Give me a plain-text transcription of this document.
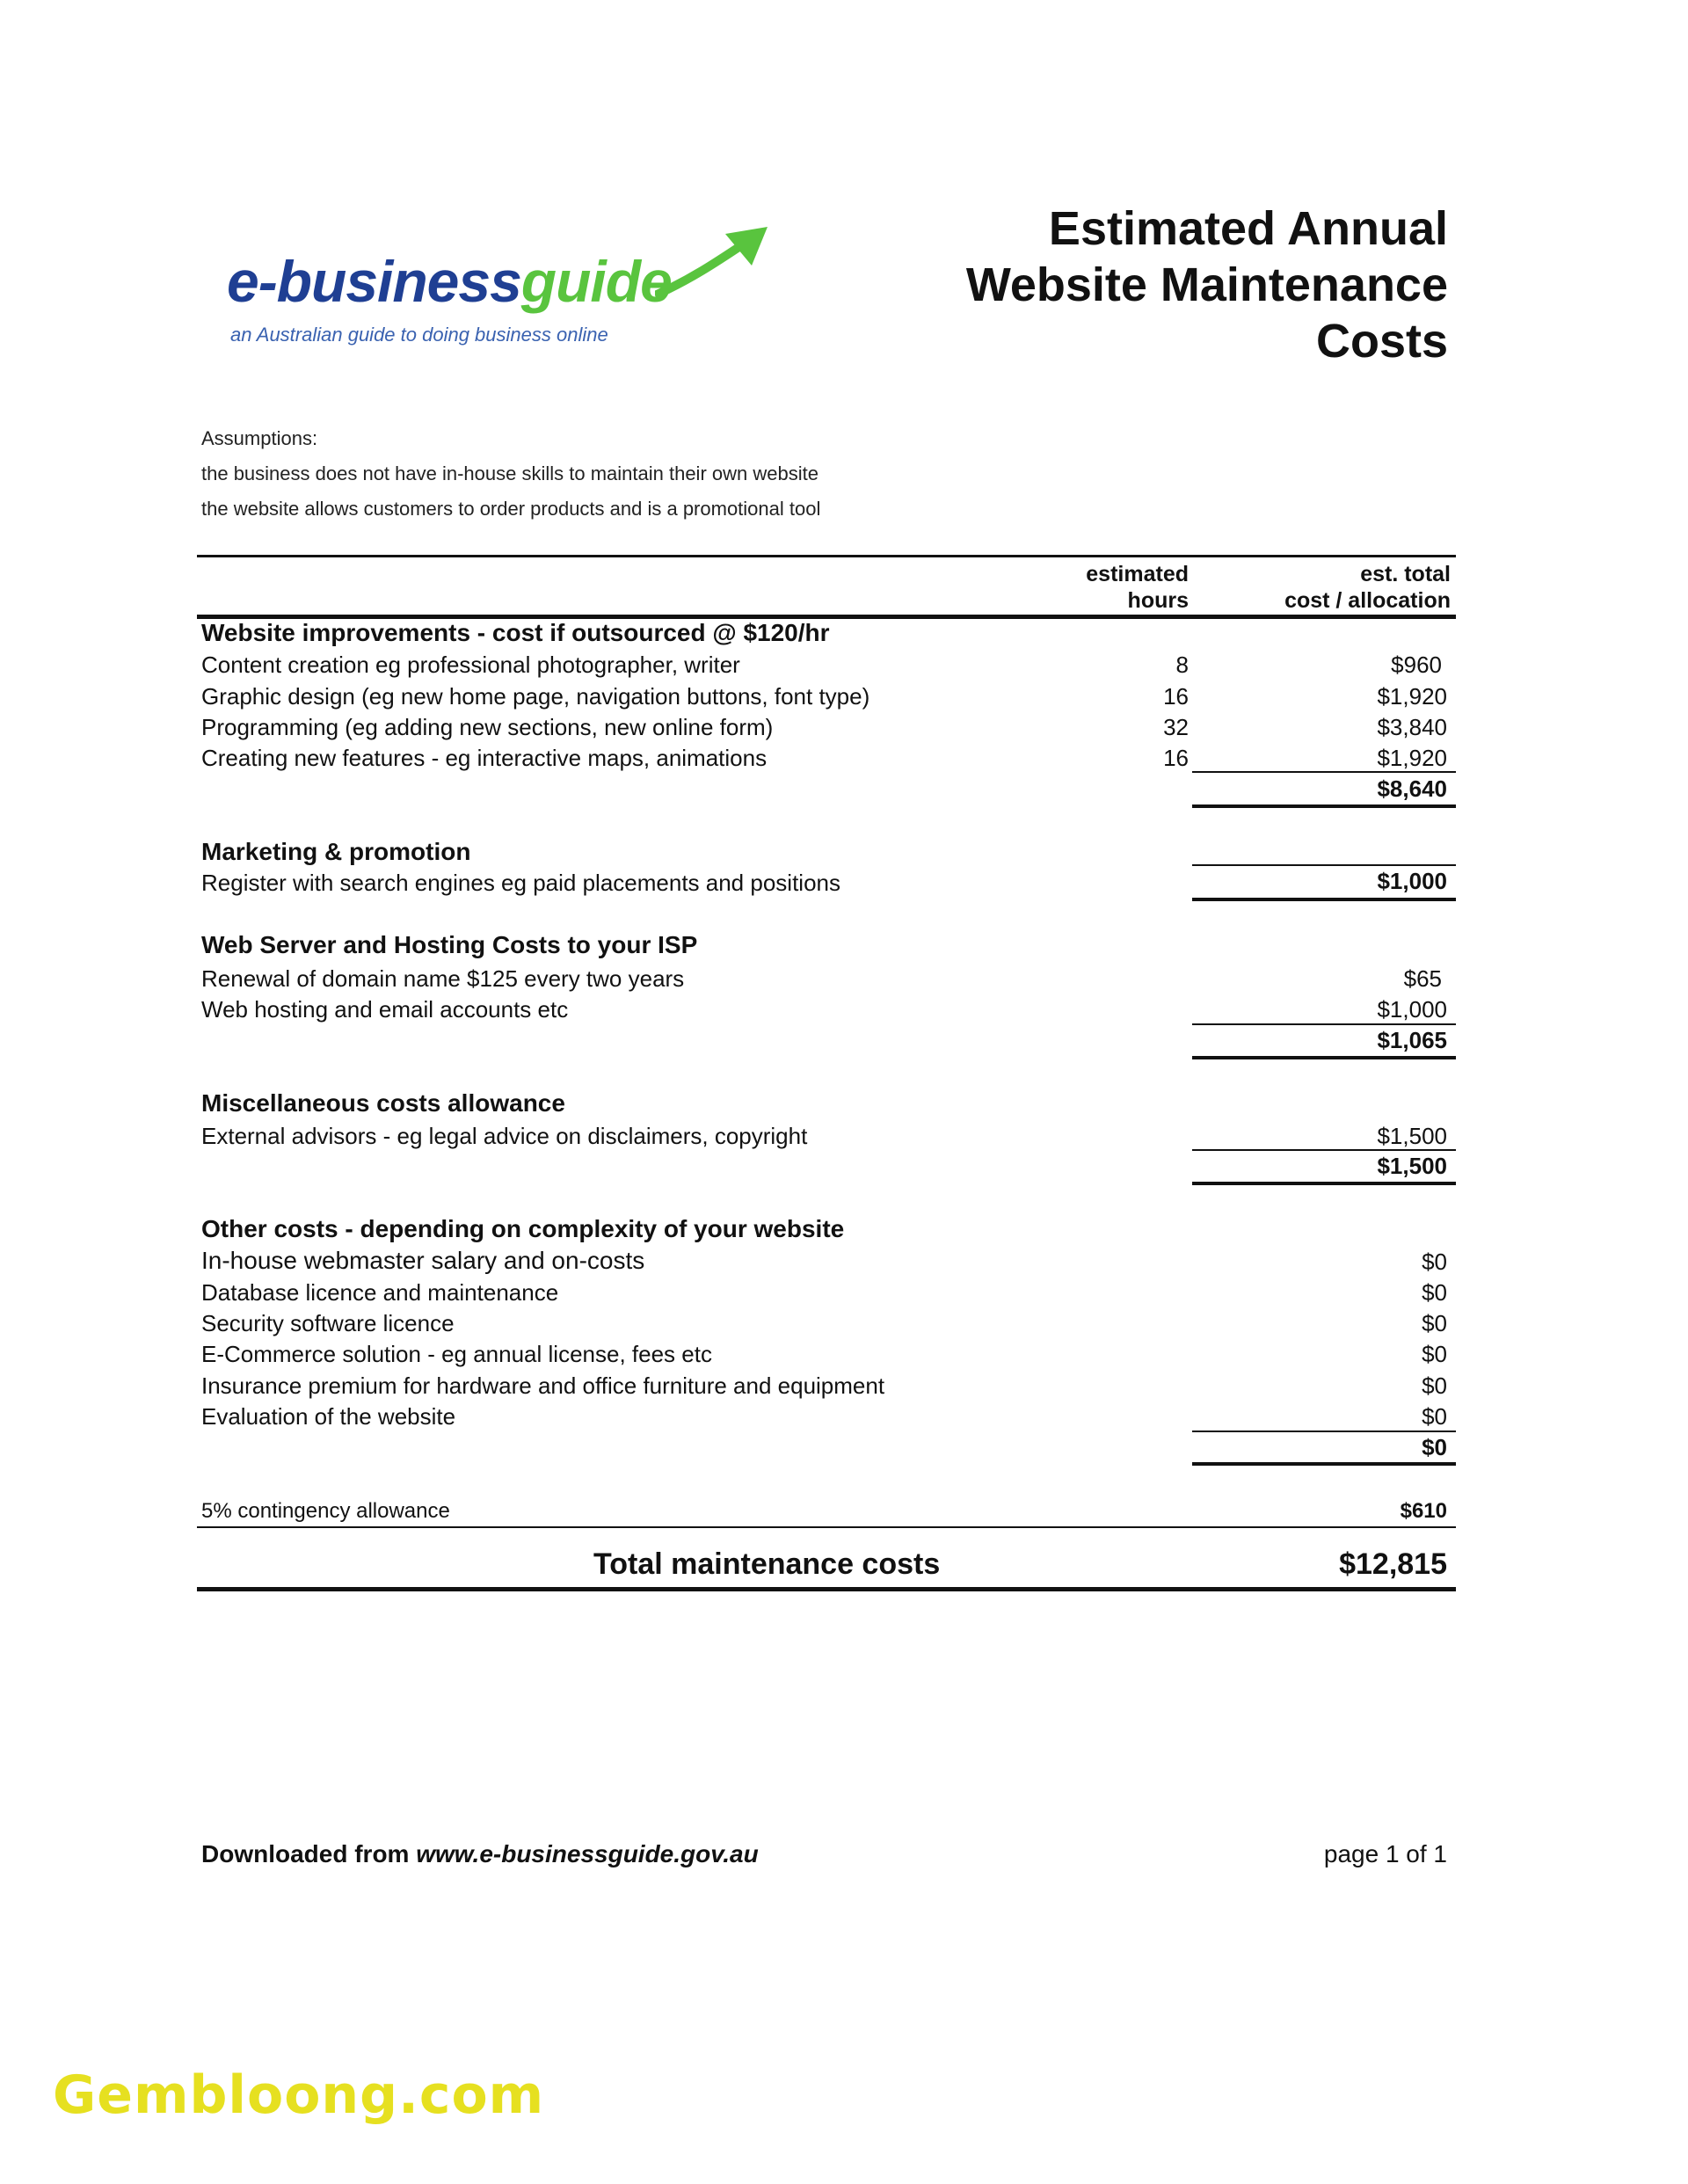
e-businessguide
an Australian guide to doing business online
Estimated Annual
Website Maintenance
Costs
Assumptions:
the business does not have in-house skills to maintain their own website
the website allows customers to order products and is a promotional tool
estimated
hours
est. total
cost / allocation
Website improvements - cost if outsourced @ $120/hr
Content creation eg professional photographer, writer	8	$960
Graphic design (eg new home page, navigation buttons, font type)	16	$1,920
Programming (eg adding new sections, new online form)	32	$3,840
Creating new features - eg interactive maps, animations	16	$1,920
$8,640
Marketing & promotion
Register with search engines eg paid placements and positions	$1,000
Web Server and Hosting Costs to your ISP
Renewal of domain name $125 every two years	$65
Web hosting and email accounts etc	$1,000
$1,065
Miscellaneous costs allowance
External advisors - eg legal advice on disclaimers, copyright	$1,500
$1,500
Other costs - depending on complexity of your website
In-house webmaster salary and on-costs	$0
Database licence and maintenance	$0
Security software licence	$0
E-Commerce solution - eg annual license, fees etc	$0
Insurance premium for hardware and office furniture and equipment	$0
Evaluation of the website	$0
$0
5% contingency allowance	$610
Total maintenance costs	$12,815
Downloaded from www.e-businessguide.gov.au	page 1 of 1
Gembloong.com
